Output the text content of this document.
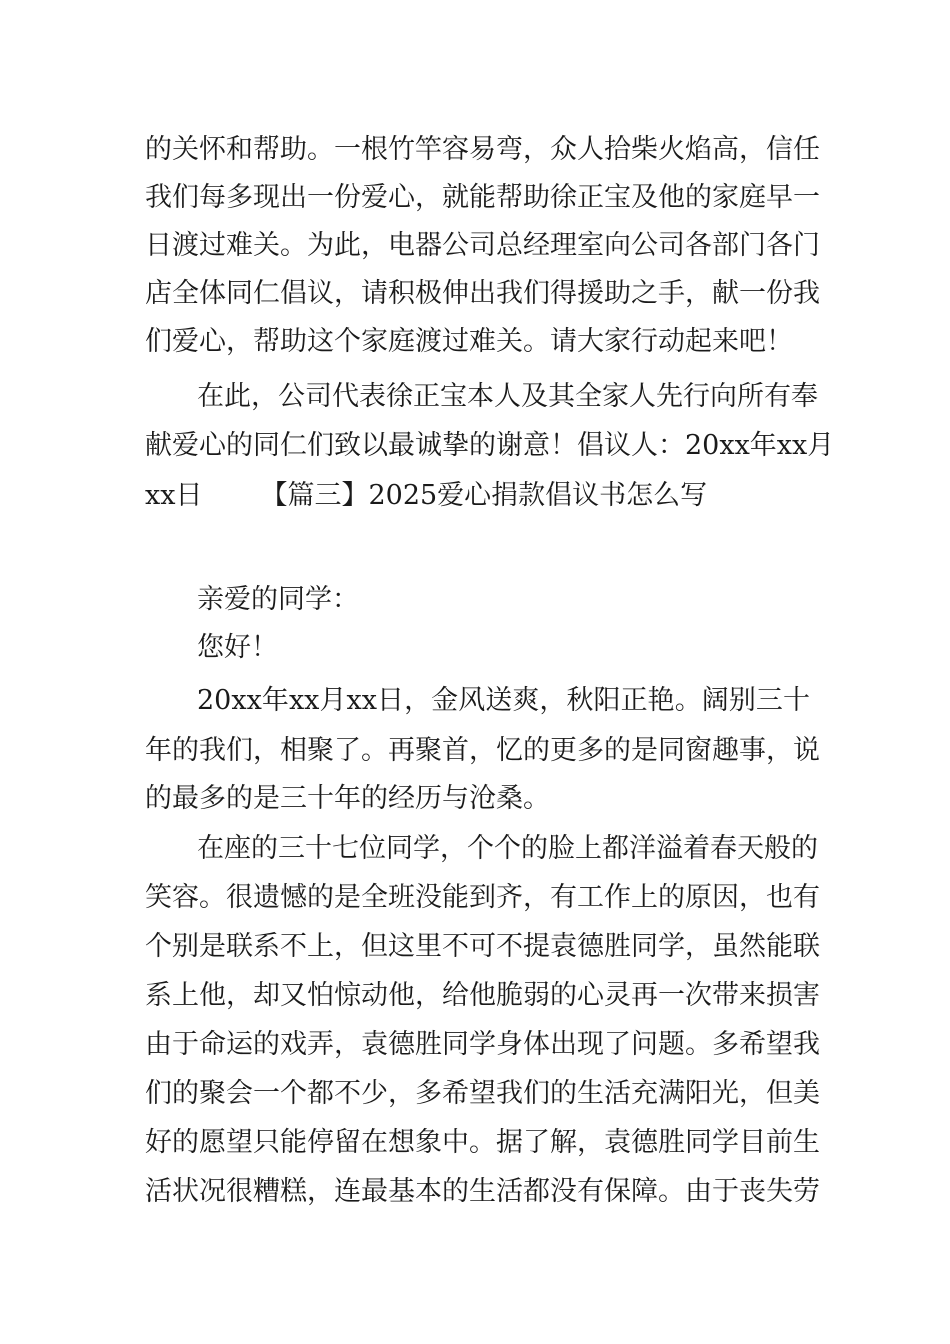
的关怀和帮助。一根竹竿容易弯，众人拾柴火焰高，信任
我们每多现出一份爱心，就能帮助徐正宝及他的家庭早一
日渡过难关。为此，电器公司总经理室向公司各部门各门
店全体同仁倡议，请积极伸出我们得援助之手，献一份我
们爱心，帮助这个家庭渡过难关。请大家行动起来吧！
在此，公司代表徐正宝本人及其全家人先行向所有奉
献爱心的同仁们致以最诚挚的谢意！倡议人：20xx年xx月
xx日 【篇三】2025爱心捐款倡议书怎么写
亲爱的同学：
您好！
20xx年xx月xx日，金风送爽，秋阳正艳。阔别三十
年的我们，相聚了。再聚首，忆的更多的是同窗趣事，说
的最多的是三十年的经历与沧桑。
在座的三十七位同学，个个的脸上都洋溢着春天般的
笑容。很遗憾的是全班没能到齐，有工作上的原因，也有
个别是联系不上，但这里不可不提袁德胜同学，虽然能联
系上他，却又怕惊动他，给他脆弱的心灵再一次带来损害
由于命运的戏弄，袁德胜同学身体出现了问题。多希望我
们的聚会一个都不少，多希望我们的生活充满阳光，但美
好的愿望只能停留在想象中。据了解，袁德胜同学目前生
活状况很糟糕，连最基本的生活都没有保障。由于丧失劳
